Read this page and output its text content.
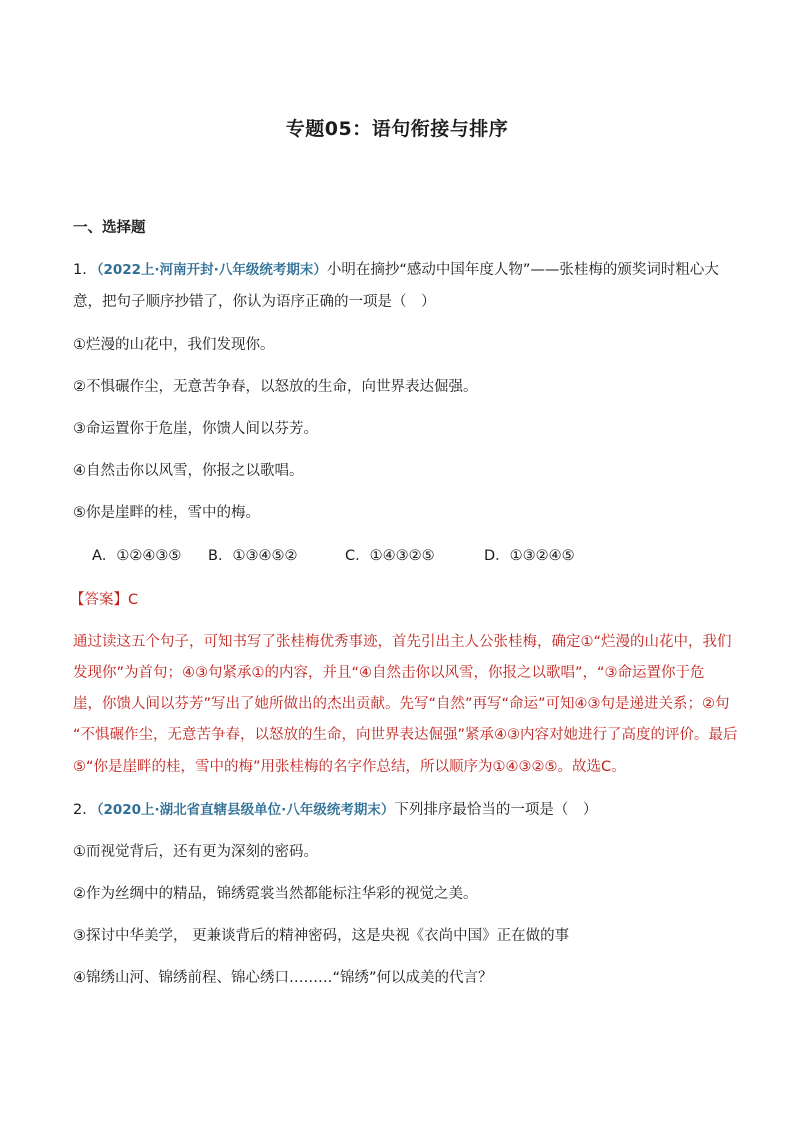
专题05：语句衔接与排序
一、选择题
1．（2022上·河南开封·八年级统考期末）小明在摘抄“感动中国年度人物”——张桂梅的颁奖词时粗心大
意，把句子顺序抄错了，你认为语序正确的一项是（　）
①烂漫的山花中，我们发现你。
②不惧碾作尘，无意苦争春，以怒放的生命，向世界表达倔强。
③命运置你于危崖，你馈人间以芬芳。
④自然击你以风雪，你报之以歌唱。
⑤你是崖畔的桂，雪中的梅。
A．①②④③⑤ B．①③④⑤②	C．①④③②⑤	D．①③②④⑤
【答案】C
通过读这五个句子，可知书写了张桂梅优秀事迹，首先引出主人公张桂梅，确定①“烂漫的山花中，我们
发现你”为首句；④③句紧承①的内容，并且“④自然击你以风雪，你报之以歌唱”，“③命运置你于危
崖，你馈人间以芬芳”写出了她所做出的杰出贡献。先写“自然”再写“命运”可知④③句是递进关系；②句
“不惧碾作尘，无意苦争春，以怒放的生命，向世界表达倔强”紧承④③内容对她进行了高度的评价。最后
⑤“你是崖畔的桂，雪中的梅”用张桂梅的名字作总结，所以顺序为①④③②⑤。故选C。
2．（2020上·湖北省直辖县级单位·八年级统考期末）下列排序最恰当的一项是（　）
①而视觉背后，还有更为深刻的密码。
②作为丝绸中的精品，锦绣霓裳当然都能标注华彩的视觉之美。
③探讨中华美学， 更兼谈背后的精神密码，这是央视《衣尚中国》正在做的事
④锦绣山河、锦绣前程、锦心绣口………“锦绣”何以成美的代言？
